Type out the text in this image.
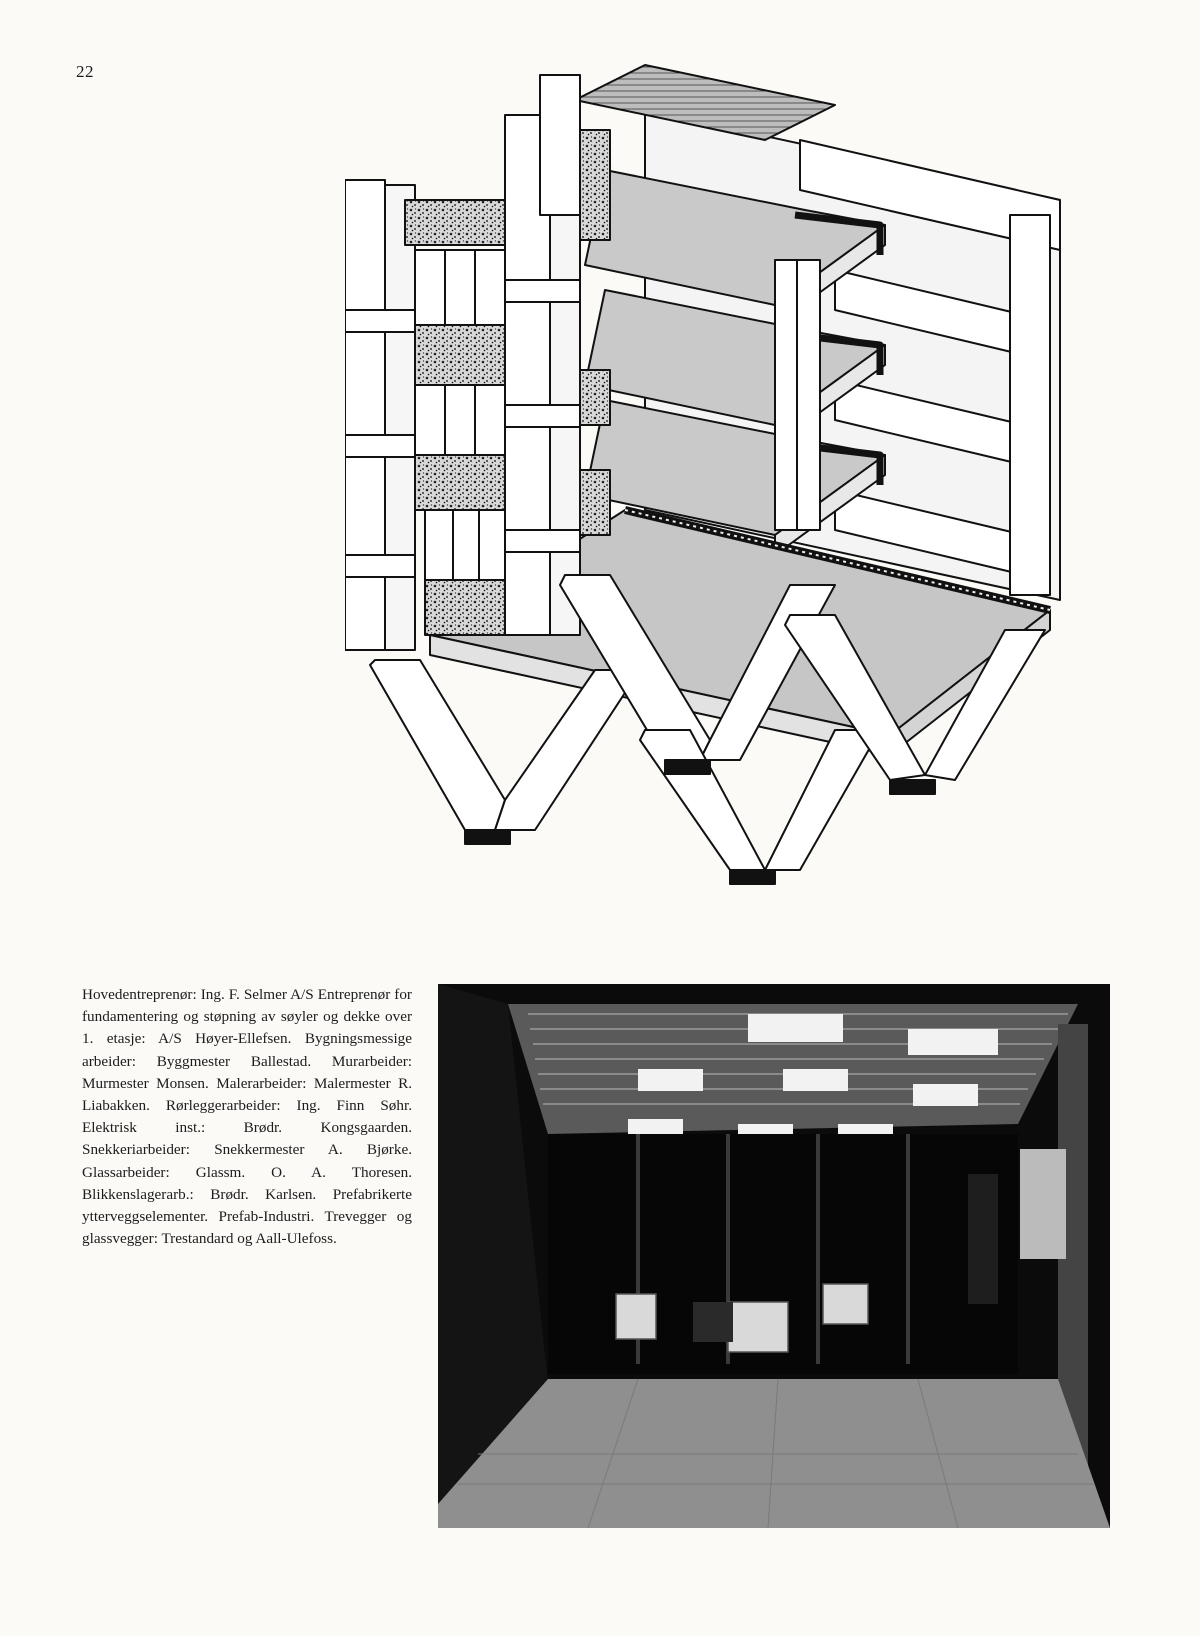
22

Hovedentreprenør: Ing. F. Selmer A/S Entreprenør for fundamentering og støpning av søyler og dekke over 1. etasje: A/S Høyer-Ellefsen. Bygningsmessige arbeider: Byggmester Ballestad. Murarbeider: Murmester Monsen. Malerarbeider: Malermester R. Liabakken. Rørleggerarbeider: Ing. Finn Søhr. Elektrisk inst.: Brødr. Kongsgaarden. Snekkeriarbeider: Snekkermester A. Bjørke. Glassarbeider: Glassm. O. A. Thoresen. Blikkenslagerarb.: Brødr. Karlsen. Prefabrikerte ytterveggselementer. Prefab-Industri. Trevegger og glassvegger: Trestandard og Aall-Ulefoss.
